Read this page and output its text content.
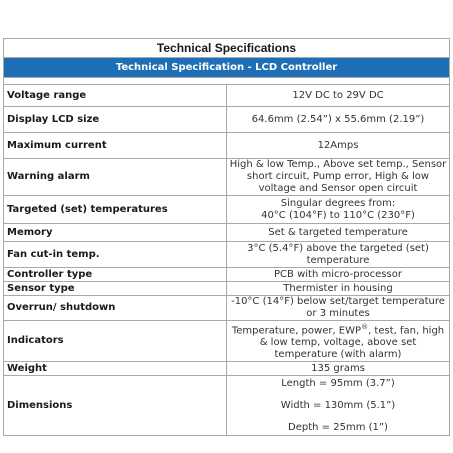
Technical Specifications	
Technical Specification - LCD Controller	

Voltage range	12V DC to 29V DC
Display LCD size	64.6mm (2.54”) x 55.6mm (2.19”)
Maximum current	12Amps
Warning alarm	High & low Temp., Above set temp., Sensor short circuit, Pump error, High & low voltage and Sensor open circuit
Targeted (set) temperatures	Singular degrees from:
40°C (104°F) to 110°C (230°F)

Memory	Set & targeted temperature
Fan cut-in temp.	3°C (5.4°F) above the targeted (set) temperature
Controller type	PCB with micro-processor
Sensor type	Thermister in housing
Overrun/ shutdown	-10°C (14°F) below set/target temperature or 3 minutes
Indicators	Temperature, power, EWP®, test, fan, high & low temp, voltage, above set temperature (with alarm)
Weight	135 grams
Dimensions	Length = 95mm (3.7”)
Width = 130mm (5.1”)
Depth = 25mm (1”)
